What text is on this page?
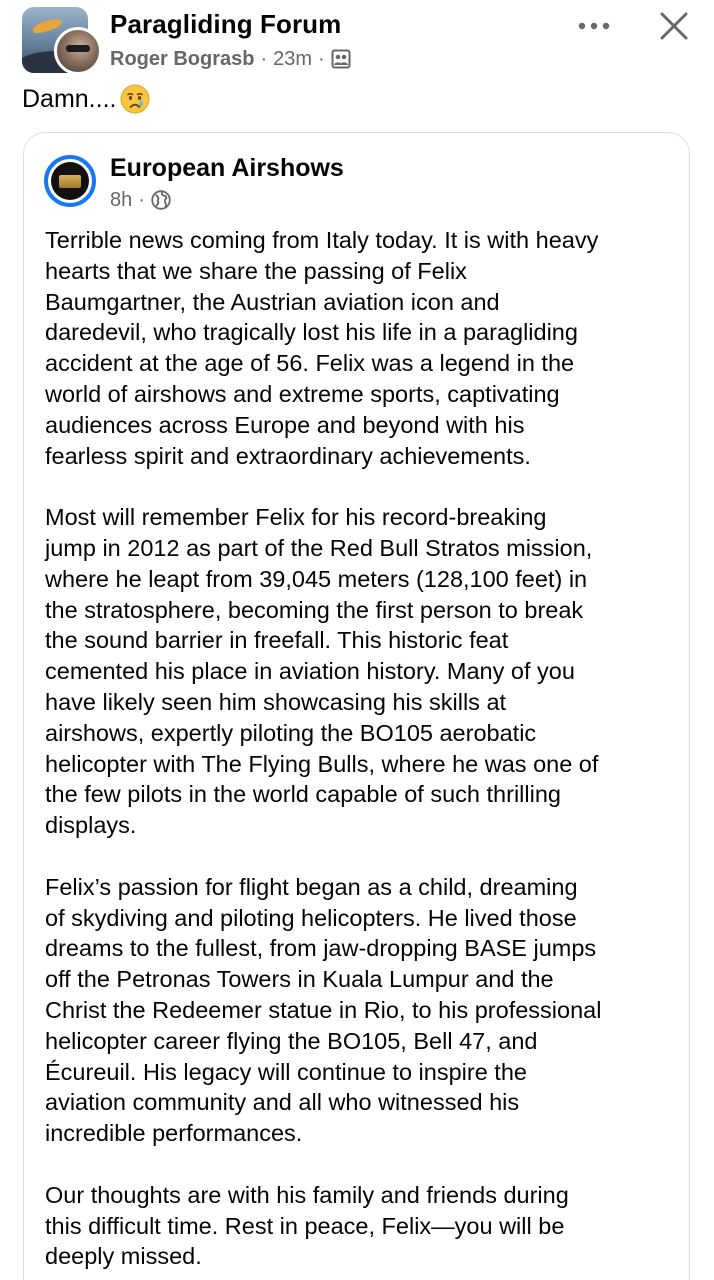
Paragliding Forum
Roger Bograsb · 23m ·
Damn....
European Airshows
8h ·
Terrible news coming from Italy today. It is with heavy
hearts that we share the passing of Felix
Baumgartner, the Austrian aviation icon and
daredevil, who tragically lost his life in a paragliding
accident at the age of 56. Felix was a legend in the
world of airshows and extreme sports, captivating
audiences across Europe and beyond with his
fearless spirit and extraordinary achievements.
Most will remember Felix for his record-breaking
jump in 2012 as part of the Red Bull Stratos mission,
where he leapt from 39,045 meters (128,100 feet) in
the stratosphere, becoming the first person to break
the sound barrier in freefall. This historic feat
cemented his place in aviation history. Many of you
have likely seen him showcasing his skills at
airshows, expertly piloting the BO105 aerobatic
helicopter with The Flying Bulls, where he was one of
the few pilots in the world capable of such thrilling
displays.
Felix’s passion for flight began as a child, dreaming
of skydiving and piloting helicopters. He lived those
dreams to the fullest, from jaw-dropping BASE jumps
off the Petronas Towers in Kuala Lumpur and the
Christ the Redeemer statue in Rio, to his professional
helicopter career flying the BO105, Bell 47, and
Écureuil. His legacy will continue to inspire the
aviation community and all who witnessed his
incredible performances.
Our thoughts are with his family and friends during
this difficult time. Rest in peace, Felix—you will be
deeply missed.
